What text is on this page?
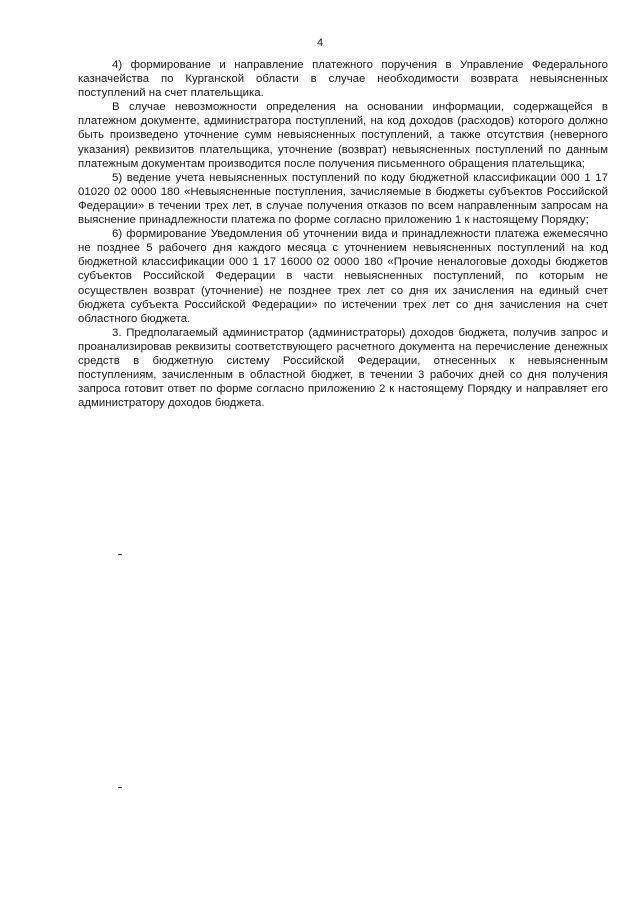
4

4) формирование и направление платежного поручения в Управление Федерального казначейства по Курганской области в случае необходимости возврата невыясненных поступлений на счет плательщика.

В случае невозможности определения на основании информации, содержащейся в платежном документе, администратора поступлений, на код доходов (расходов) которого должно быть произведено уточнение сумм невыясненных поступлений, а также отсутствия (неверного указания) реквизитов плательщика, уточнение (возврат) невыясненных поступлений по данным платежным документам производится после получения письменного обращения плательщика;

5) ведение учета невыясненных поступлений по коду бюджетной классификации 000 1 17 01020 02 0000 180 «Невыясненные поступления, зачисляемые в бюджеты субъектов Российской Федерации» в течении трех лет, в случае получения отказов по всем направленным запросам на выяснение принадлежности платежа по форме согласно приложению 1 к настоящему Порядку;

6) формирование Уведомления об уточнении вида и принадлежности платежа ежемесячно не позднее 5 рабочего дня каждого месяца с уточнением невыясненных поступлений на код бюджетной классификации 000 1 17 16000 02 0000 180 «Прочие неналоговые доходы бюджетов субъектов Российской Федерации в части невыясненных поступлений, по которым не осуществлен возврат (уточнение) не позднее трех лет со дня их зачисления на единый счет бюджета субъекта Российской Федерации» по истечении трех лет со дня зачисления на счет областного бюджета.

3. Предполагаемый администратор (администраторы) доходов бюджета, получив запрос и проанализировав реквизиты соответствующего расчетного документа на перечисление денежных средств в бюджетную систему Российской Федерации, отнесенных к невыясненным поступлениям, зачисленным в областной бюджет, в течении 3 рабочих дней со дня получения запроса готовит ответ по форме согласно приложению 2 к настоящему Порядку и направляет его администратору доходов бюджета.
